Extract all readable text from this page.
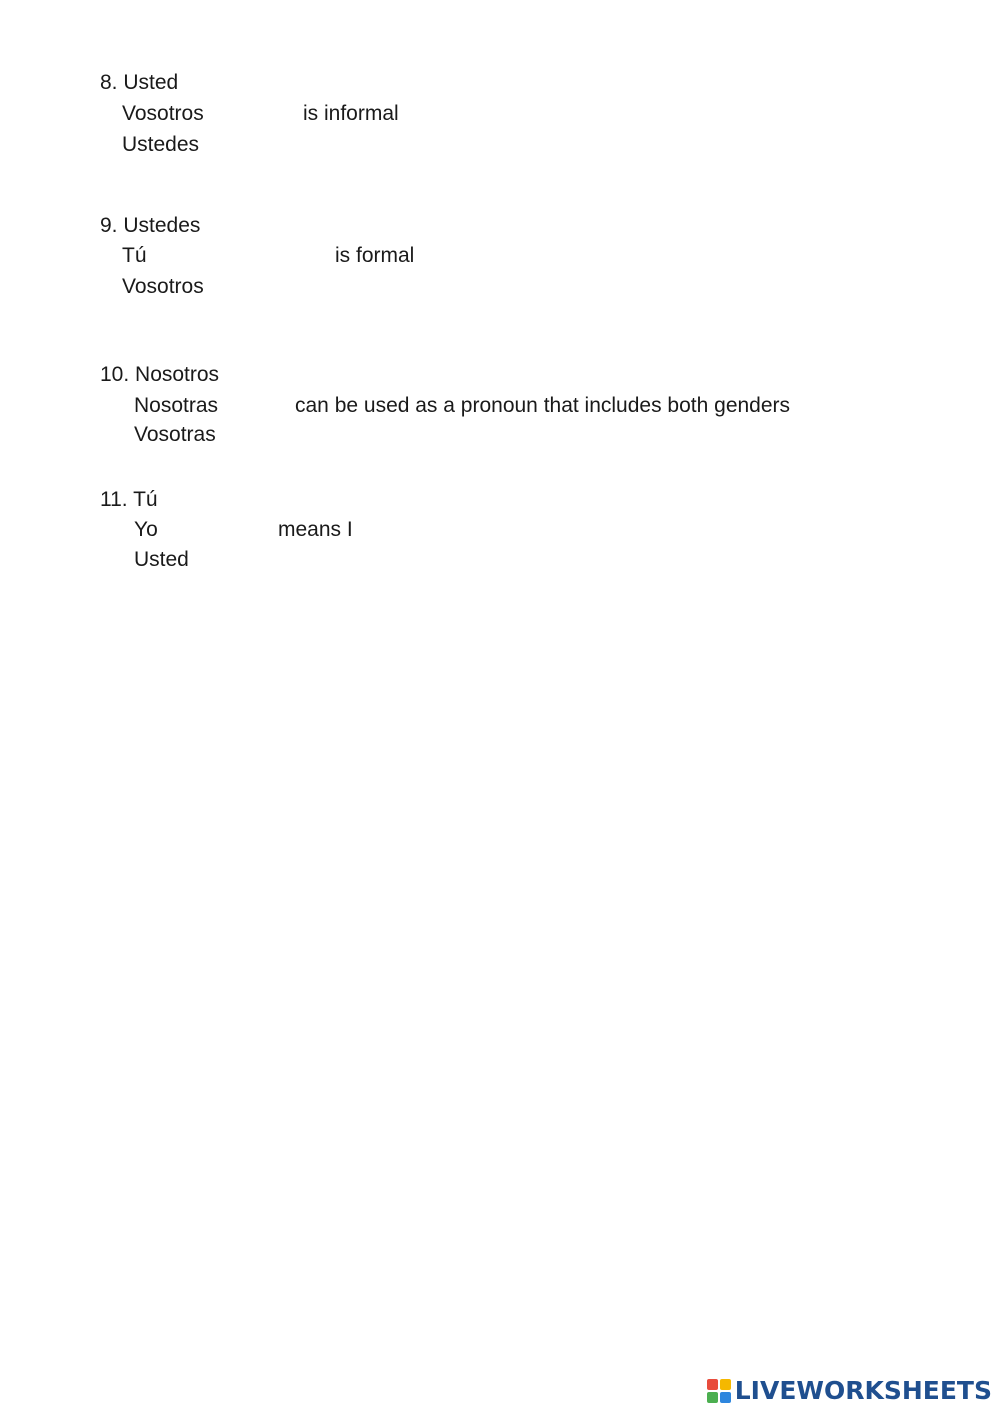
8. Usted
Vosotros	is informal
Ustedes
9. Ustedes
Tú	is formal
Vosotros
10. Nosotros
Nosotras	can be used as a pronoun that includes both genders
Vosotras
11. Tú
Yo	means I
Usted
LIVEWORKSHEETS
